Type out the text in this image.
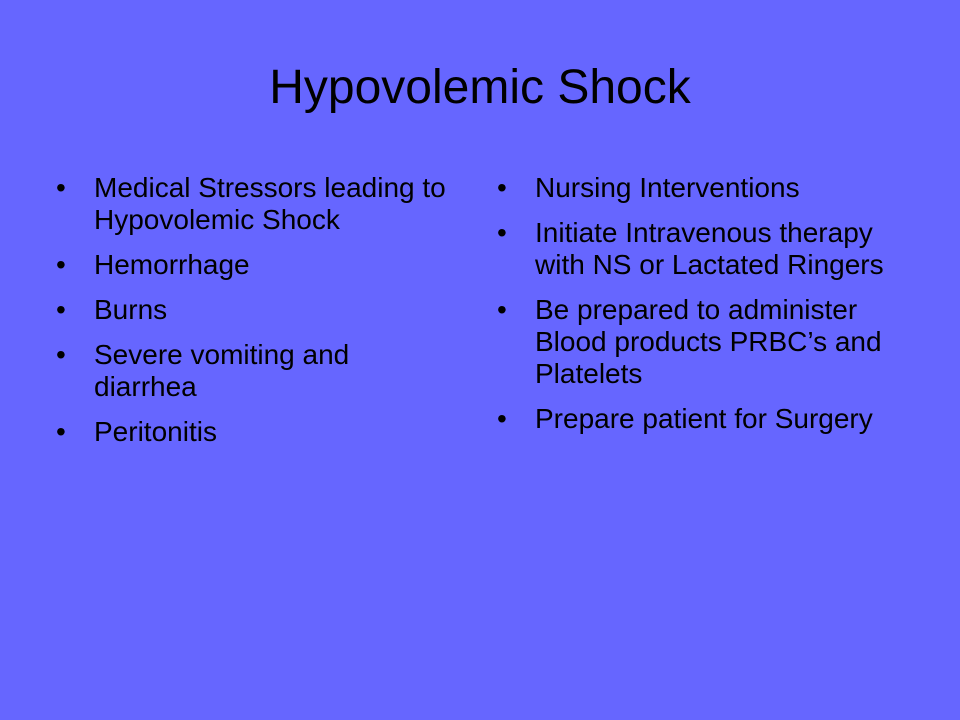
Hypovolemic Shock
•	Medical Stressors leading to Hypovolemic Shock
•	Hemorrhage
•	Burns
•	Severe vomiting and diarrhea
•	Peritonitis
•	Nursing Interventions
•	Initiate Intravenous therapy with NS or Lactated Ringers
•	Be prepared to administer Blood products PRBC’s and Platelets
•	Prepare patient for Surgery
